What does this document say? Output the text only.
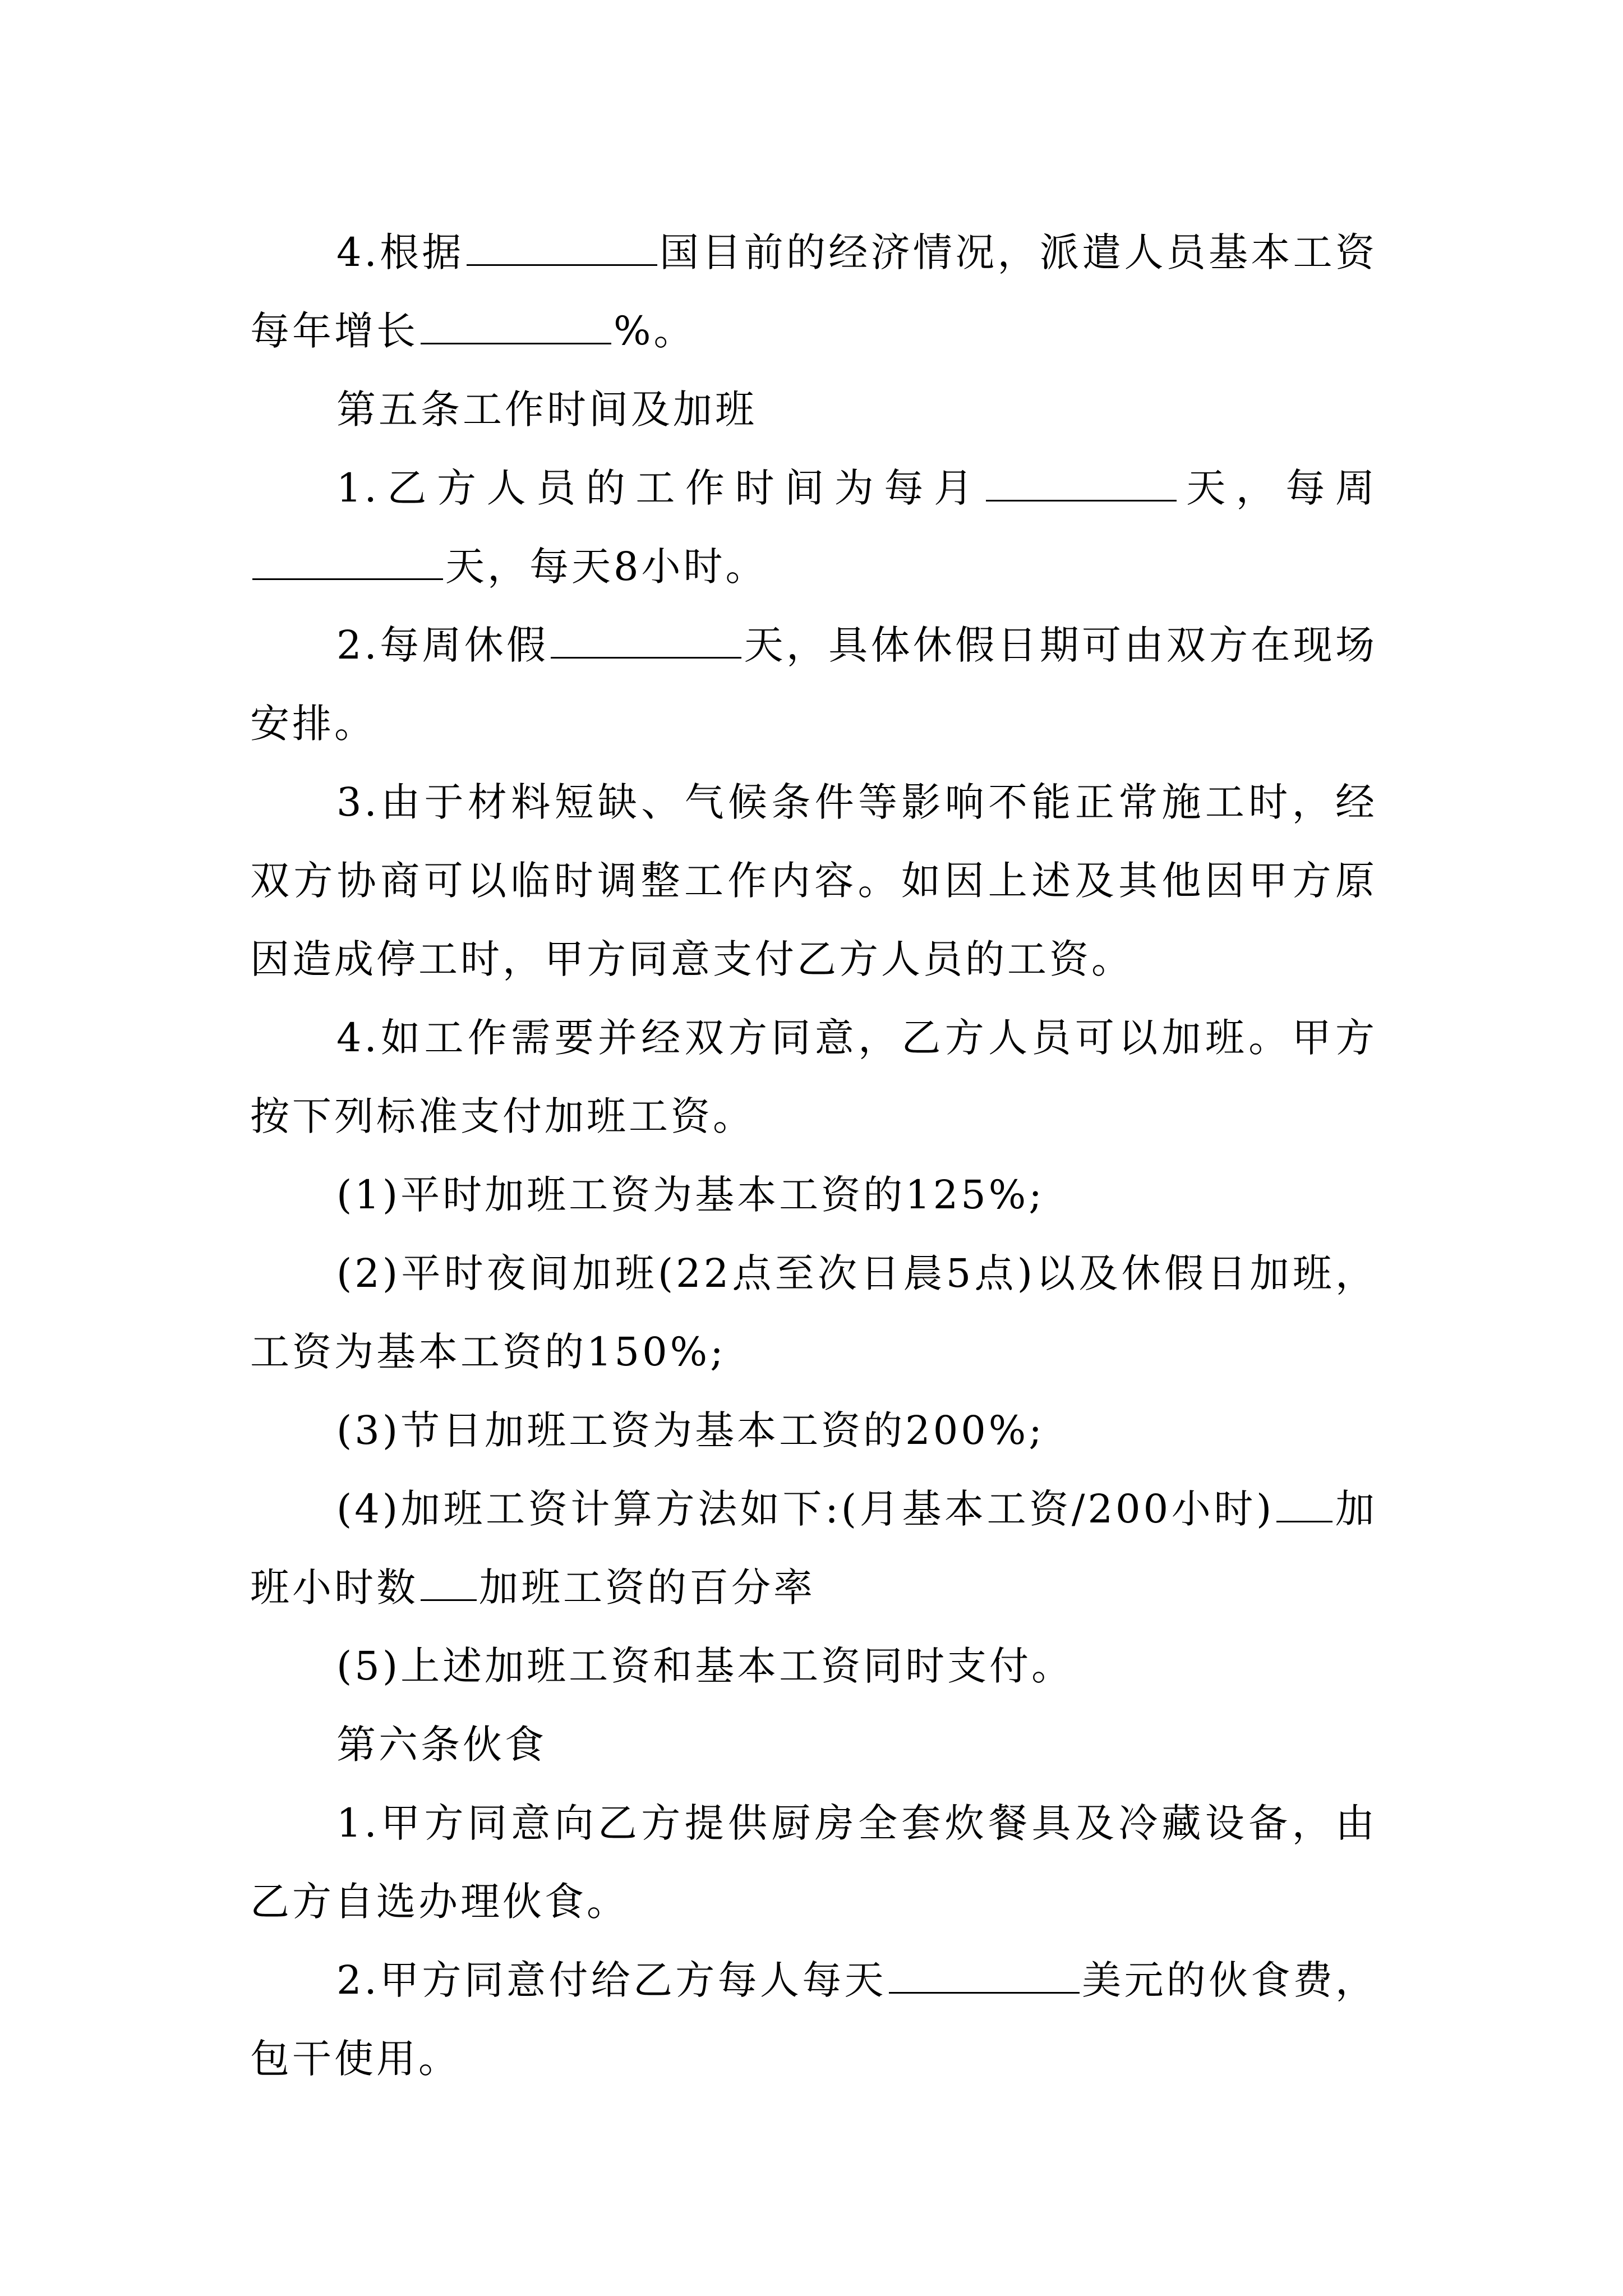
4.根据	国目前的经济情况，派遣人员基本工资每年增长	%。

第五条工作时间及加班

1.乙方人员的工作时间为每月	天，每周天，每天8小时。

2.每周休假	天，具体休假日期可由双方在现场安排。

3.由于材料短缺、气候条件等影响不能正常施工时，经双方协商可以临时调整工作内容。如因上述及其他因甲方原因造成停工时，甲方同意支付乙方人员的工资。

4.如工作需要并经双方同意，乙方人员可以加班。甲方按下列标准支付加班工资。

(1)平时加班工资为基本工资的125%;

(2)平时夜间加班(22点至次日晨5点)以及休假日加班，工资为基本工资的150%;

(3)节日加班工资为基本工资的200%;

(4)加班工资计算方法如下:(月基本工资/200小时) 加班小时数 加班工资的百分率

(5)上述加班工资和基本工资同时支付。

第六条伙食

1.甲方同意向乙方提供厨房全套炊餐具及冷藏设备，由乙方自选办理伙食。

2.甲方同意付给乙方每人每天	美元的伙食费，包干使用。
